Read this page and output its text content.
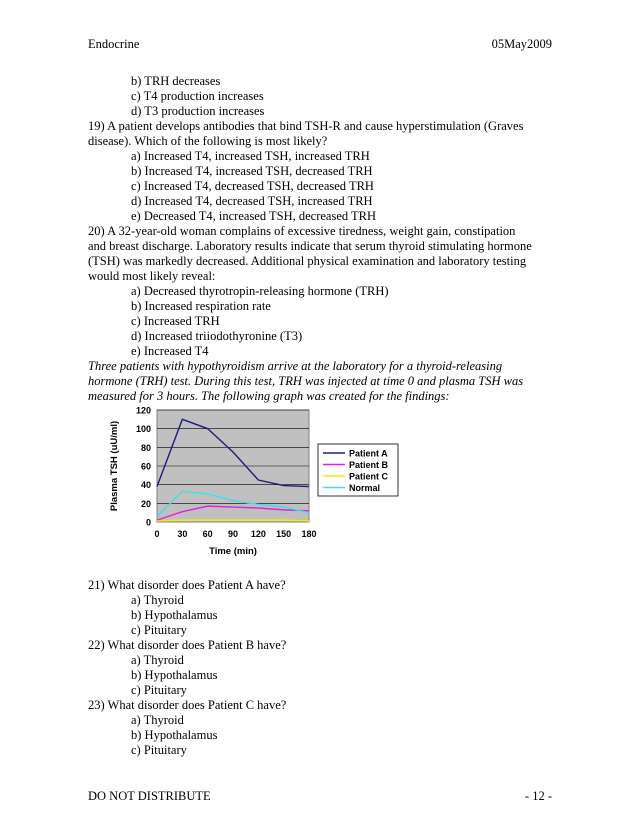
Endocrine	05May2009
b) TRH decreases
c) T4 production increases
d) T3 production increases
19) A patient develops antibodies that bind TSH-R and cause hyperstimulation (Graves
disease). Which of the following is most likely?
a) Increased T4, increased TSH, increased TRH
b) Increased T4, increased TSH, decreased TRH
c) Increased T4, decreased TSH, decreased TRH
d) Increased T4, decreased TSH, increased TRH
e) Decreased T4, increased TSH, decreased TRH
20) A 32-year-old woman complains of excessive tiredness, weight gain, constipation
and breast discharge. Laboratory results indicate that serum thyroid stimulating hormone
(TSH) was markedly decreased. Additional physical examination and laboratory testing
would most likely reveal:
a) Decreased thyrotropin-releasing hormone (TRH)
b) Increased respiration rate
c) Increased TRH
d) Increased triiodothyronine (T3)
e) Increased T4
Three patients with hypothyroidism arrive at the laboratory for a thyroid-releasing
hormone (TRH) test. During this test, TRH was injected at time 0 and plasma TSH was
measured for 3 hours. The following graph was created for the findings:
0
20
40
60
80
100
120
0 30 60 90 120 150 180
Time (min)
Plasma TSH (uU/ml)	Patient A
Patient B
Patient C
Normal
21) What disorder does Patient A have?
a) Thyroid
b) Hypothalamus
c) Pituitary
22) What disorder does Patient B have?
a) Thyroid
b) Hypothalamus
c) Pituitary
23) What disorder does Patient C have?
a) Thyroid
b) Hypothalamus
c) Pituitary
DO NOT DISTRIBUTE	- 12 -
